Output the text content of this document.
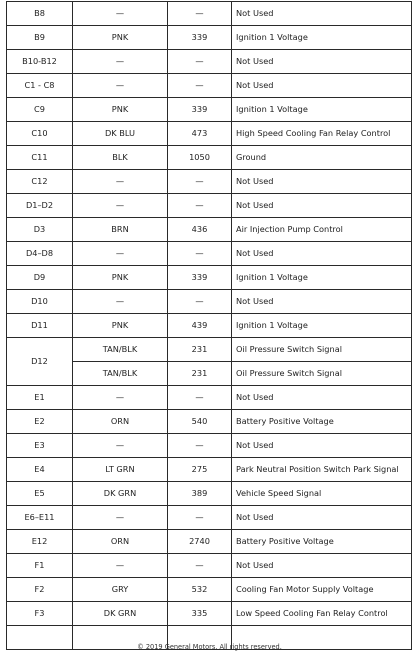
B8	—	—	Not Used
B9	PNK	339	Ignition 1 Voltage
B10-B12	—	—	Not Used
C1 - C8	—	—	Not Used
C9	PNK	339	Ignition 1 Voltage
C10	DK BLU	473	High Speed Cooling Fan Relay Control
C11	BLK	1050	Ground
C12	—	—	Not Used
D1–D2	—	—	Not Used
D3	BRN	436	Air Injection Pump Control
D4–D8	—	—	Not Used
D9	PNK	339	Ignition 1 Voltage
D10	—	—	Not Used
D11	PNK	439	Ignition 1 Voltage
D12	TAN/BLK	231	Oil Pressure Switch Signal
	TAN/BLK	231	Oil Pressure Switch Signal
E1	—	—	Not Used
E2	ORN	540	Battery Positive Voltage
E3	—	—	Not Used
E4	LT GRN	275	Park Neutral Position Switch Park Signal
E5	DK GRN	389	Vehicle Speed Signal
E6–E11	—	—	Not Used
E12	ORN	2740	Battery Positive Voltage
F1	—	—	Not Used
F2	GRY	532	Cooling Fan Motor Supply Voltage
F3	DK GRN	335	Low Speed Cooling Fan Relay Control

© 2019 General Motors. All rights reserved.
